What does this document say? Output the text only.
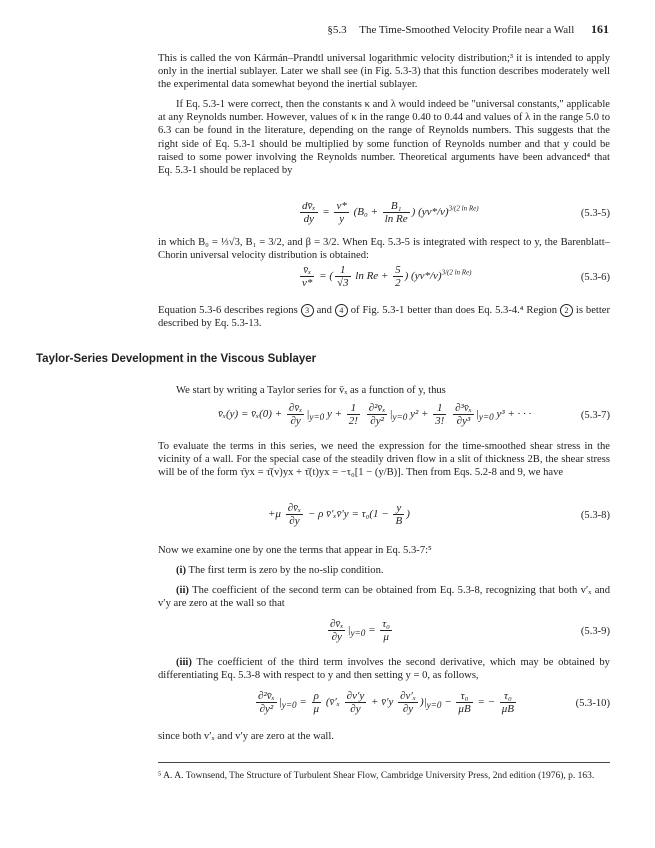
§5.3 The Time-Smoothed Velocity Profile near a Wall 161

This is called the von Kármán–Prandtl universal logarithmic velocity distribution;³ it is intended to apply only in the inertial sublayer. Later we shall see (in Fig. 5.3-3) that this function describes moderately well the experimental data somewhat beyond the inertial sublayer.

If Eq. 5.3-1 were correct, then the constants κ and λ would indeed be "universal constants," applicable at any Reynolds number. However, values of κ in the range 0.40 to 0.44 and values of λ in the range 5.0 to 6.3 can be found in the literature, depending on the range of Reynolds numbers. This suggests that the right side of Eq. 5.3-1 should be multiplied by some function of Reynolds number and that y could be raised to some power involving the Reynolds number. Theoretical arguments have been advanced⁴ that Eq. 5.3-1 should be replaced by

$\frac{\text{dv̄ₓ}}{dy} = \frac{v*}{y} (B_0 + \frac{\text{B₁}}{\text{ln Re}}$ ) $(yv*/\nu)^{3/(2 ln Re)}$	(5.3-5)

in which B₀ = ⅓√3, B₁ = 3/2, and β = 3/2. When Eq. 5.3-5 is integrated with respect to y, the Barenblatt–Chorin universal velocity distribution is obtained:

$\frac{\text{v̄ₓ}}{v*}$ = ( $\frac{1}{√3}$ $\ln Re + \frac{5}{2}$ ) $(yv*/\nu)^{3/(2 ln Re)}$	(5.3-6)

Equation 5.3-6 describes regions 3 and 4 of Fig. 5.3-1 better than does Eq. 5.3-4.⁴ Region 2 is better described by Eq. 5.3-13.

Taylor-Series Development in the Viscous Sublayer

We start by writing a Taylor series for v̄ₓ as a function of y, thus

v̄ₓ(y) = v̄ₓ(0) + $\frac{\text{∂v̄ₓ}}{\partial y} |_{y=0}$ $y + \frac{1}{2!}$
$\frac{\text{∂²v̄ₓ}}{\text{∂y²}} |_{y=0}$ $y^2 + \frac{1}{3!}$
$\frac{\text{∂³v̄ₓ}}{\text{∂y³}} |_{y=0}$ y³ + · · ·	(5.3-7)

To evaluate the terms in this series, we need the expression for the time-smoothed shear stress in the vicinity of a wall. For the special case of the steadily driven flow in a slit of thickness 2B, the shear stress will be of the form τ̄yx = τ̄(v)yx + τ̄(t)yx = −τ₀[1 − (y/B)]. Then from Eqs. 5.2-8 and 9, we have

$+\mu \frac{\text{∂v̄ₓ}}{\partial y} - \rho$ v̄′ₓv̄′y = $\tau_0(1 - \frac{y}{B}$ )	(5.3-8)

Now we examine one by one the terms that appear in Eq. 5.3-7:⁵

(i) The first term is zero by the no-slip condition.

(ii) The coefficient of the second term can be obtained from Eq. 5.3-8, recognizing that both v′ₓ and v′y are zero at the wall so that

$\frac{\text{∂v̄ₓ}}{\partial y} |_{y=0} = \frac{\text{τ₀}}{\mu}$	(5.3-9)

(iii) The coefficient of the third term involves the second derivative, which may be obtained by differentiating Eq. 5.3-8 with respect to y and then setting y = 0, as follows,

$\frac{\text{∂²v̄ₓ}}{\text{∂y²}} |_{y=0} = \frac{\rho}{\mu}$ (v̄′ₓ $\frac{\partial v'y}{\partial y}$ + v̄′y $\frac{\text{∂v′ₓ}}{\partial y} )|_{y=0} - \frac{\text{τ₀}}{\mu B}$ = − $\frac{\text{τ₀}}{\mu B}$	(5.3-10)

since both v′ₓ and v′y are zero at the wall.

⁵ A. A. Townsend, The Structure of Turbulent Shear Flow, Cambridge University Press, 2nd edition (1976), p. 163.
